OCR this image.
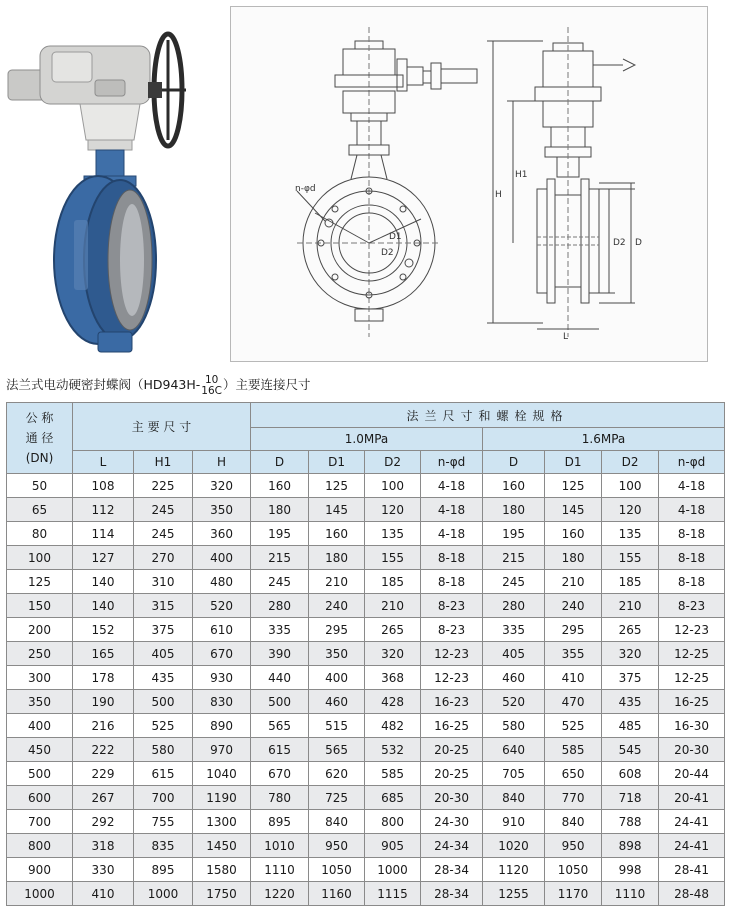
n-φd
D1
D2
D2 D
H
H1
L
法兰式电动硬密封蝶阀（HD943H- 10
16C ）主要连接尺寸
公 称
通 径
(DN)	主 要 尺 寸			法兰尺寸和螺栓规格							
				1.0MPa				1.6MPa			
	L	H1	H	D	D1	D2	n-φd	D	D1	D2	n-φd
50	108	225	320	160	125	100	4-18	160	125	100	4-18
65	112	245	350	180	145	120	4-18	180	145	120	4-18
80	114	245	360	195	160	135	4-18	195	160	135	8-18
100	127	270	400	215	180	155	8-18	215	180	155	8-18
125	140	310	480	245	210	185	8-18	245	210	185	8-18
150	140	315	520	280	240	210	8-23	280	240	210	8-23
200	152	375	610	335	295	265	8-23	335	295	265	12-23
250	165	405	670	390	350	320	12-23	405	355	320	12-25
300	178	435	930	440	400	368	12-23	460	410	375	12-25
350	190	500	830	500	460	428	16-23	520	470	435	16-25
400	216	525	890	565	515	482	16-25	580	525	485	16-30
450	222	580	970	615	565	532	20-25	640	585	545	20-30
500	229	615	1040	670	620	585	20-25	705	650	608	20-44
600	267	700	1190	780	725	685	20-30	840	770	718	20-41
700	292	755	1300	895	840	800	24-30	910	840	788	24-41
800	318	835	1450	1010	950	905	24-34	1020	950	898	24-41
900	330	895	1580	1110	1050	1000	28-34	1120	1050	998	28-41
1000	410	1000	1750	1220	1160	1115	28-34	1255	1170	1110	28-48
